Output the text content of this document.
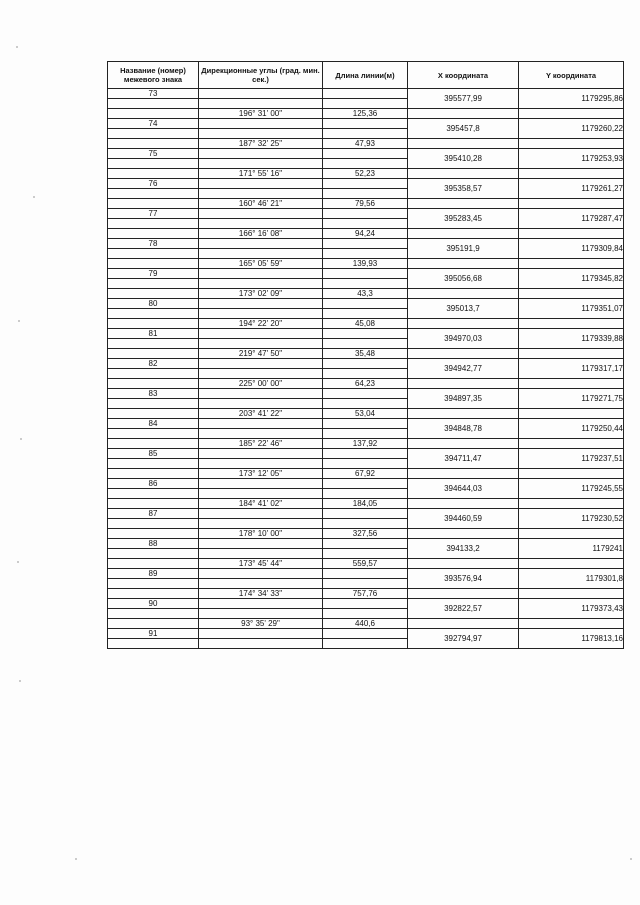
Название (номер) межевого знака	Дирекционные углы (град. мин. сек.)	Длина линии(м)	X координата	Y координата
73			395577,99	1179295,86

	196° 31' 00"	125,36		
74			395457,8	1179260,22

	187° 32' 25"	47,93		
75			395410,28	1179253,93

	171° 55' 16"	52,23		
76			395358,57	1179261,27

	160° 46' 21"	79,56		
77			395283,45	1179287,47

	166° 16' 08"	94,24		
78			395191,9	1179309,84

	165° 05' 59"	139,93		
79			395056,68	1179345,82

	173° 02' 09"	43,3		
80			395013,7	1179351,07

	194° 22' 20"	45,08		
81			394970,03	1179339,88

	219° 47' 50"	35,48		
82			394942,77	1179317,17

	225° 00' 00"	64,23		
83			394897,35	1179271,75

	203° 41' 22"	53,04		
84			394848,78	1179250,44

	185° 22' 46"	137,92		
85			394711,47	1179237,51

	173° 12' 05"	67,92		
86			394644,03	1179245,55

	184° 41' 02"	184,05		
87			394460,59	1179230,52

	178° 10' 00"	327,56		
88			394133,2	1179241

	173° 45' 44"	559,57		
89			393576,94	1179301,8

	174° 34' 33"	757,76		
90			392822,57	1179373,43

	93° 35' 29"	440,6		
91			392794,97	1179813,16
